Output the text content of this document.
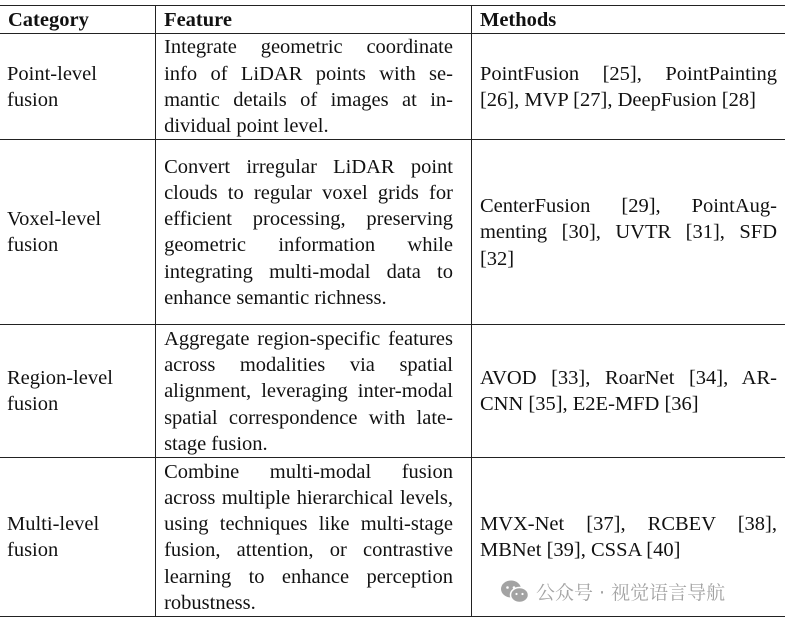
Category	Feature	Methods
Point-level fusion	Integrate geometric coordinate info of LiDAR points with semantic details of images at individual point level.	PointFusion [25], PointPainting [26], MVP [27], DeepFusion [28]
Voxel-level fusion	Convert irregular LiDAR point clouds to regular voxel grids for efficient processing, preserving geometric information while integrating multi-modal data to enhance semantic richness.	CenterFusion [29], PointAugmenting [30], UVTR [31], SFD [32]
Region-level fusion	Aggregate region-specific features across modalities via spatial alignment, leveraging inter-modal spatial correspondence with late-stage fusion.	AVOD [33], RoarNet [34], AR-CNN [35], E2E-MFD [36]
Multi-level fusion	Combine multi-modal fusion across multiple hierarchical levels, using techniques like multi-stage fusion, attention, or contrastive learning to enhance perception robustness.	MVX-Net [37], RCBEV [38], MBNet [39], CSSA [40]
公众号 · 视觉语言导航
